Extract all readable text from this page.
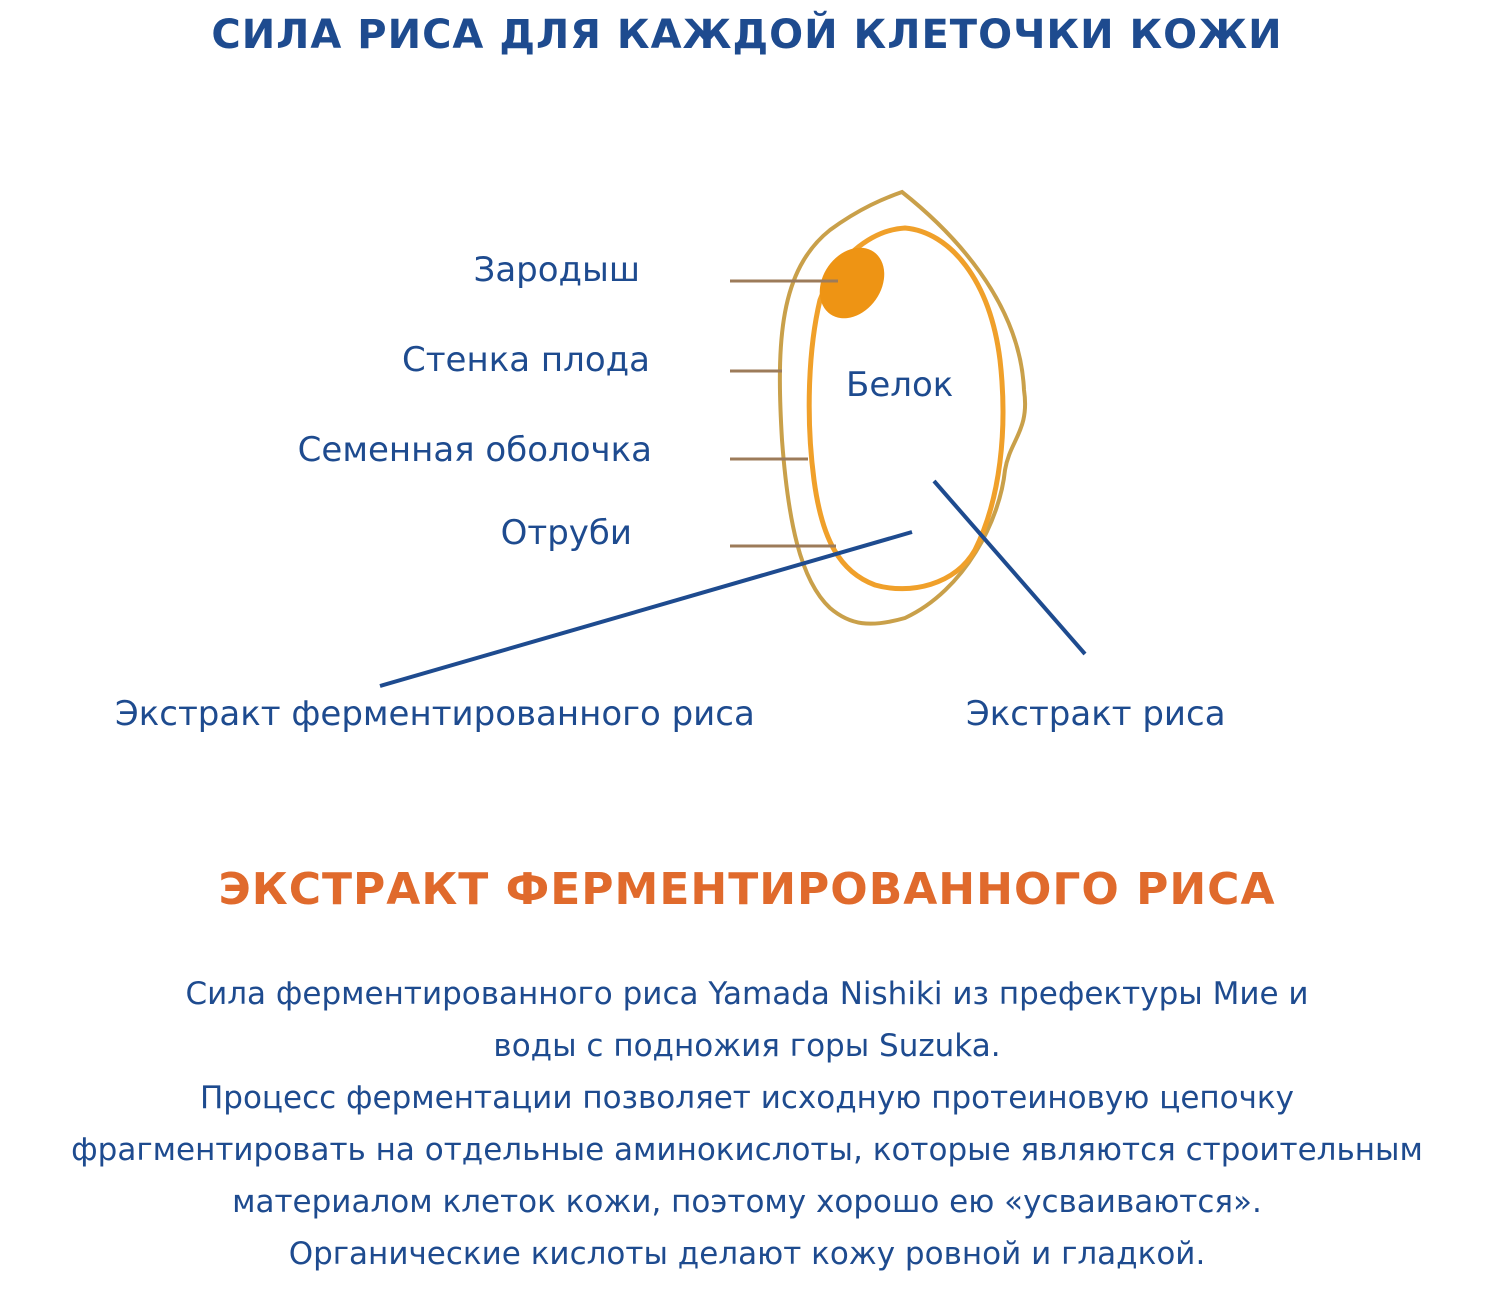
СИЛА РИСА ДЛЯ КАЖДОЙ КЛЕТОЧКИ КОЖИ
Зародыш
Стенка плода
Семенная оболочка
Отруби
Белок
Экстракт ферментированного риса	Экстракт риса
ЭКСТРАКТ ФЕРМЕНТИРОВАННОГО РИСА
Сила ферментированного риса Yamada Nishiki из префектуры Мие и
воды с подножия горы Suzuka.
Процесс ферментации позволяет исходную протеиновую цепочку
фрагментировать на отдельные аминокислоты, которые являются строительным
материалом клеток кожи, поэтому хорошо ею «усваиваются».
Органические кислоты делают кожу ровной и гладкой.
